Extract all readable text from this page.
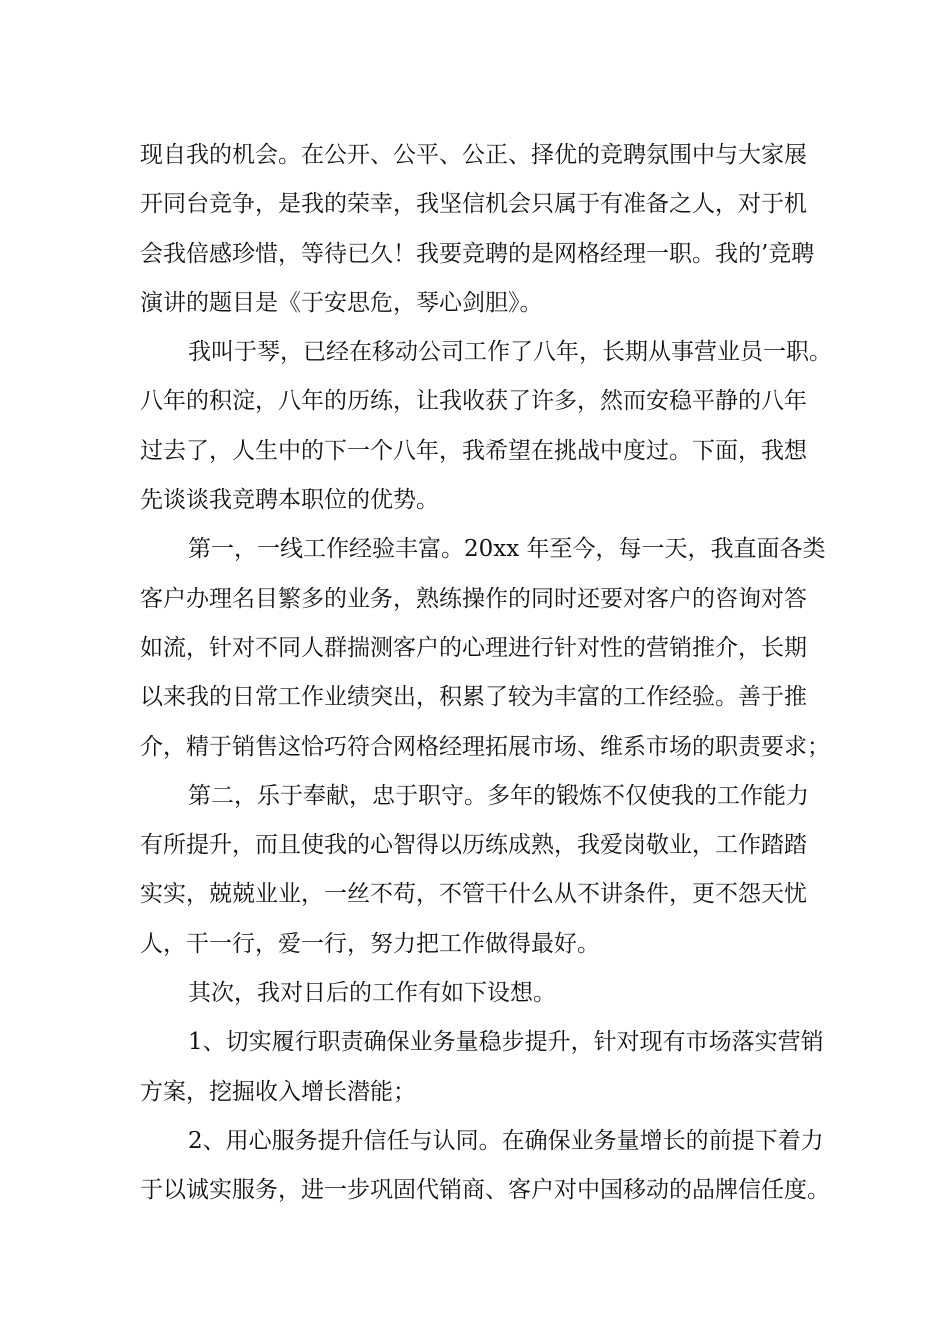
现自我的机会。在公开、公平、公正、择优的竞聘氛围中与大家展
开同台竞争，是我的荣幸，我坚信机会只属于有准备之人，对于机
会我倍感珍惜，等待已久！我要竞聘的是网格经理一职。我的’竞聘
演讲的题目是《于安思危，琴心剑胆》。
我叫于琴，已经在移动公司工作了八年，长期从事营业员一职。
八年的积淀，八年的历练，让我收获了许多，然而安稳平静的八年
过去了，人生中的下一个八年，我希望在挑战中度过。下面，我想
先谈谈我竞聘本职位的优势。
第一，一线工作经验丰富。20xx 年至今，每一天，我直面各类
客户办理名目繁多的业务，熟练操作的同时还要对客户的咨询对答
如流，针对不同人群揣测客户的心理进行针对性的营销推介，长期
以来我的日常工作业绩突出，积累了较为丰富的工作经验。善于推
介，精于销售这恰巧符合网格经理拓展市场、维系市场的职责要求；
第二，乐于奉献，忠于职守。多年的锻炼不仅使我的工作能力
有所提升，而且使我的心智得以历练成熟，我爱岗敬业，工作踏踏
实实，兢兢业业，一丝不苟，不管干什么从不讲条件，更不怨天忧
人，干一行，爱一行，努力把工作做得最好。
其次，我对日后的工作有如下设想。
1、切实履行职责确保业务量稳步提升，针对现有市场落实营销
方案，挖掘收入增长潜能；
2、用心服务提升信任与认同。在确保业务量增长的前提下着力
于以诚实服务，进一步巩固代销商、客户对中国移动的品牌信任度。
